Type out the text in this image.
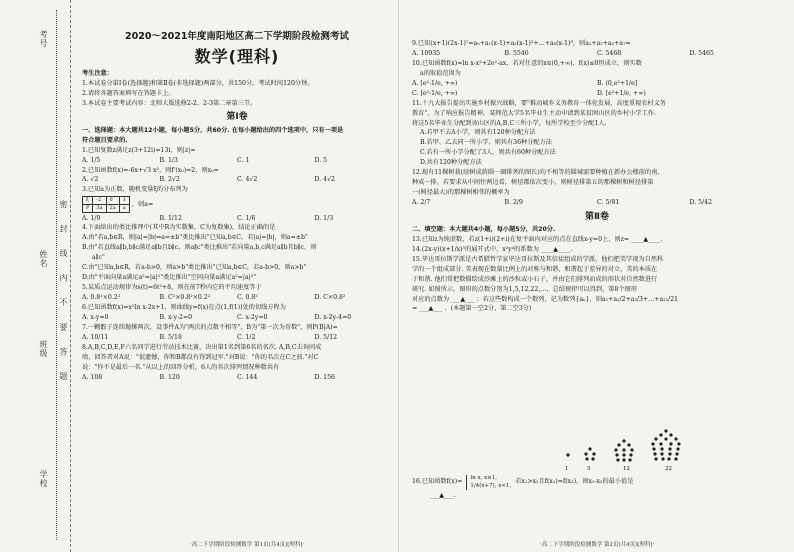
考号
姓名
班级
学校
密 封 线 内 不 要 答 题
2020～2021年度南阳地区高二下学期阶段检测考试
数学(理科)

考生注意：

1.本试卷分第Ⅰ卷(选择题)和第Ⅱ卷(非选择题)两部分，共150分。考试时间120分钟。

2.请将各题答案填写在答题卡上。

3.本试卷主要考试内容：北师大版选修2-2、2-3第二章第三节。

第Ⅰ卷

一、选择题：本大题共12小题，每小题5分，共60分. 在每小题给出的四个选项中，只有一项是

符合题目要求的.

1.已知复数z满足z(3+12i)=13i，则|z|=

A. 1/5	B. 1/3	C. 1	D. 5

2.已知函数f(x)=-6x+√3 x²，则f'(x₀)=2，则x₀=

A. √2	B. 2√2	C. 4√2	D. 4√2

3.已知a为正数，随机变量ξ的分布列为

ξ	-2	0	1
P	3a	2a	a ，则a=

A. 1/9	B. 1/12	C. 1/6	D. 1/3

4.下面给出的类比推理中(其中R为实数集，C为复数集)，结论正确的是

A.由"若a,b∈R，则|a|=|b|⇒a=±b"类比推出"已知a,b∈C，若|a|=|b|，则a=±b"

B.由"若直线a∥b,b∥c满足a∥b且b∥c，则a∥c"类比推出"若向量a,b,c满足a∥b且b∥c，则

a∥c"

C.由"已知a,b∈R，若a-b>0，则a>b"类比推出"已知a,b∈C，若a-b>0，则a>b"

D.由"平面向量a满足a²=|a|²"类比推出"空间向量a满足a²=|a|²"

5.某质点运动规律为s(t)=6t²+8，则在前7秒内它的平均速度等于

A. 0.8²×0.2²	B. C²×0.8²×0.2²	C. 0.8²	D. C×0.8²

6.已知函数f(x)=x²ln x-2x+1，则曲线y=f(x)在点(1,f(1))处的切线方程为

A. x-y=0	B. x-y-2=0	C. x-2y=0	D. x-2y-4=0

7.一颗骰子连续抛掷两次，设事件A为"两次的点数不相等"，B为"第一次为奇数"，则P(B|A)=

A. 10/11	B. 5/18	C. 1/2	D. 5/12

8.A,B,C,D,E,F六名同学进行劳动技术比赛，决出第1名到第6名的名次. A,B,C去询问成

绩，回答者对A说："很遗憾，你和B都没有得到冠军."对B说："你的名次在C之前."对C

说："你不是最后一名."从以上的回答分析，6人的名次排列情况种数共有

A. 108	B. 120	C. 144	D. 156

9.已知(x+1)(2x-1)⁷=a₀+a₁(x-1)+a₂(x-1)²+…+a₈(x-1)⁸，则a₁+a₃+a₅+a₇=

A. 10935	B. 5546	C. 5468	D. 5465

10.已知函数f(x)=ln x-x²+2e²-ax，若对任意的x∈(0,+∞)，f(x)≤0恒成立，则实数

a的取值范围为

A. [e²-1/e, +∞)	B. (0,e²+1/e]

C. [e²-1/e, +∞)	D. [e²+1/e, +∞)

11.十九大报告提出实施乡村振兴战略，要"推动城乡义务教育一体化发展，高度重视农村义务

教育"，为了响应报告精神，某师范大学5名毕业生主动申请到某贫困山区的乡村小学工作.

将这5名毕业生分配到该山区的A,B,C三所小学，每所学校至少分配1人.

A.若甲不去A小学，则共有120种分配方法

B.若甲、乙去同一所小学，则共有36种分配方法

C.若有一所小学分配了3人，则共有60种分配方法

D.共有120种分配方法

12.现有11棵树栽(绿树成荫圆一圈排列的图长)均不相等的圆城需要种植在新办公楼前的南、

种成一排，若要求从中间往两边看，树径都依次变小，则树径排第五的那棵树和树径排第

一(树径最大)的那棵树相邻的概率为

A. 2/7	B. 2/9	C. 5/81	D. 5/42

第Ⅱ卷

二、填空题：本大题共4小题，每小题5分，共20分.

13.已知z为纯虚数，若z(1+i)(2+i)在复平面内对应的点在直线x-y=0上，则z= ____▲____.

14.(2x-y)(x+1/x)⁵的展开式中，x²y⁴的系数为 ____▲____.

15.毕达哥拉斯学派是古希腊哲学家毕达哥拉斯及其信徒组成的学派，他们把美学视为自然科

学的一个组成部分. 美表现在数量比例上的对称与和谐，和谐起于差异的对立，美的本质在

于和谐. 他们常把数描绘成沙滩上的沙粒或小石子，并由它们排列而成的形状对自然数进行

研究. 如图所示，图形的点数分别为1,5,12,22,…，总结规律可以得到，第8个图形

对应的点数为 ___▲___ ；若这些数构成一个数列，记为数列{aₙ}，则a₁+a₂/2+a₃/3+…+a₂₁/21

= ___▲___ ．(本题第一空2分，第二空3分)

1	5	12	22

16.已知函数f(x)=
ln x, x≥1,
1/4(x+7), x<1,
若x₁>x₂且f(x₁)=f(x₂)，则x₁-x₂的最小值是

___▲___.

·高二下学期阶段检测数学 第1页(共4页)[理科]·	·高二下学期阶段检测数学 第2页(共4页)[理科]·
